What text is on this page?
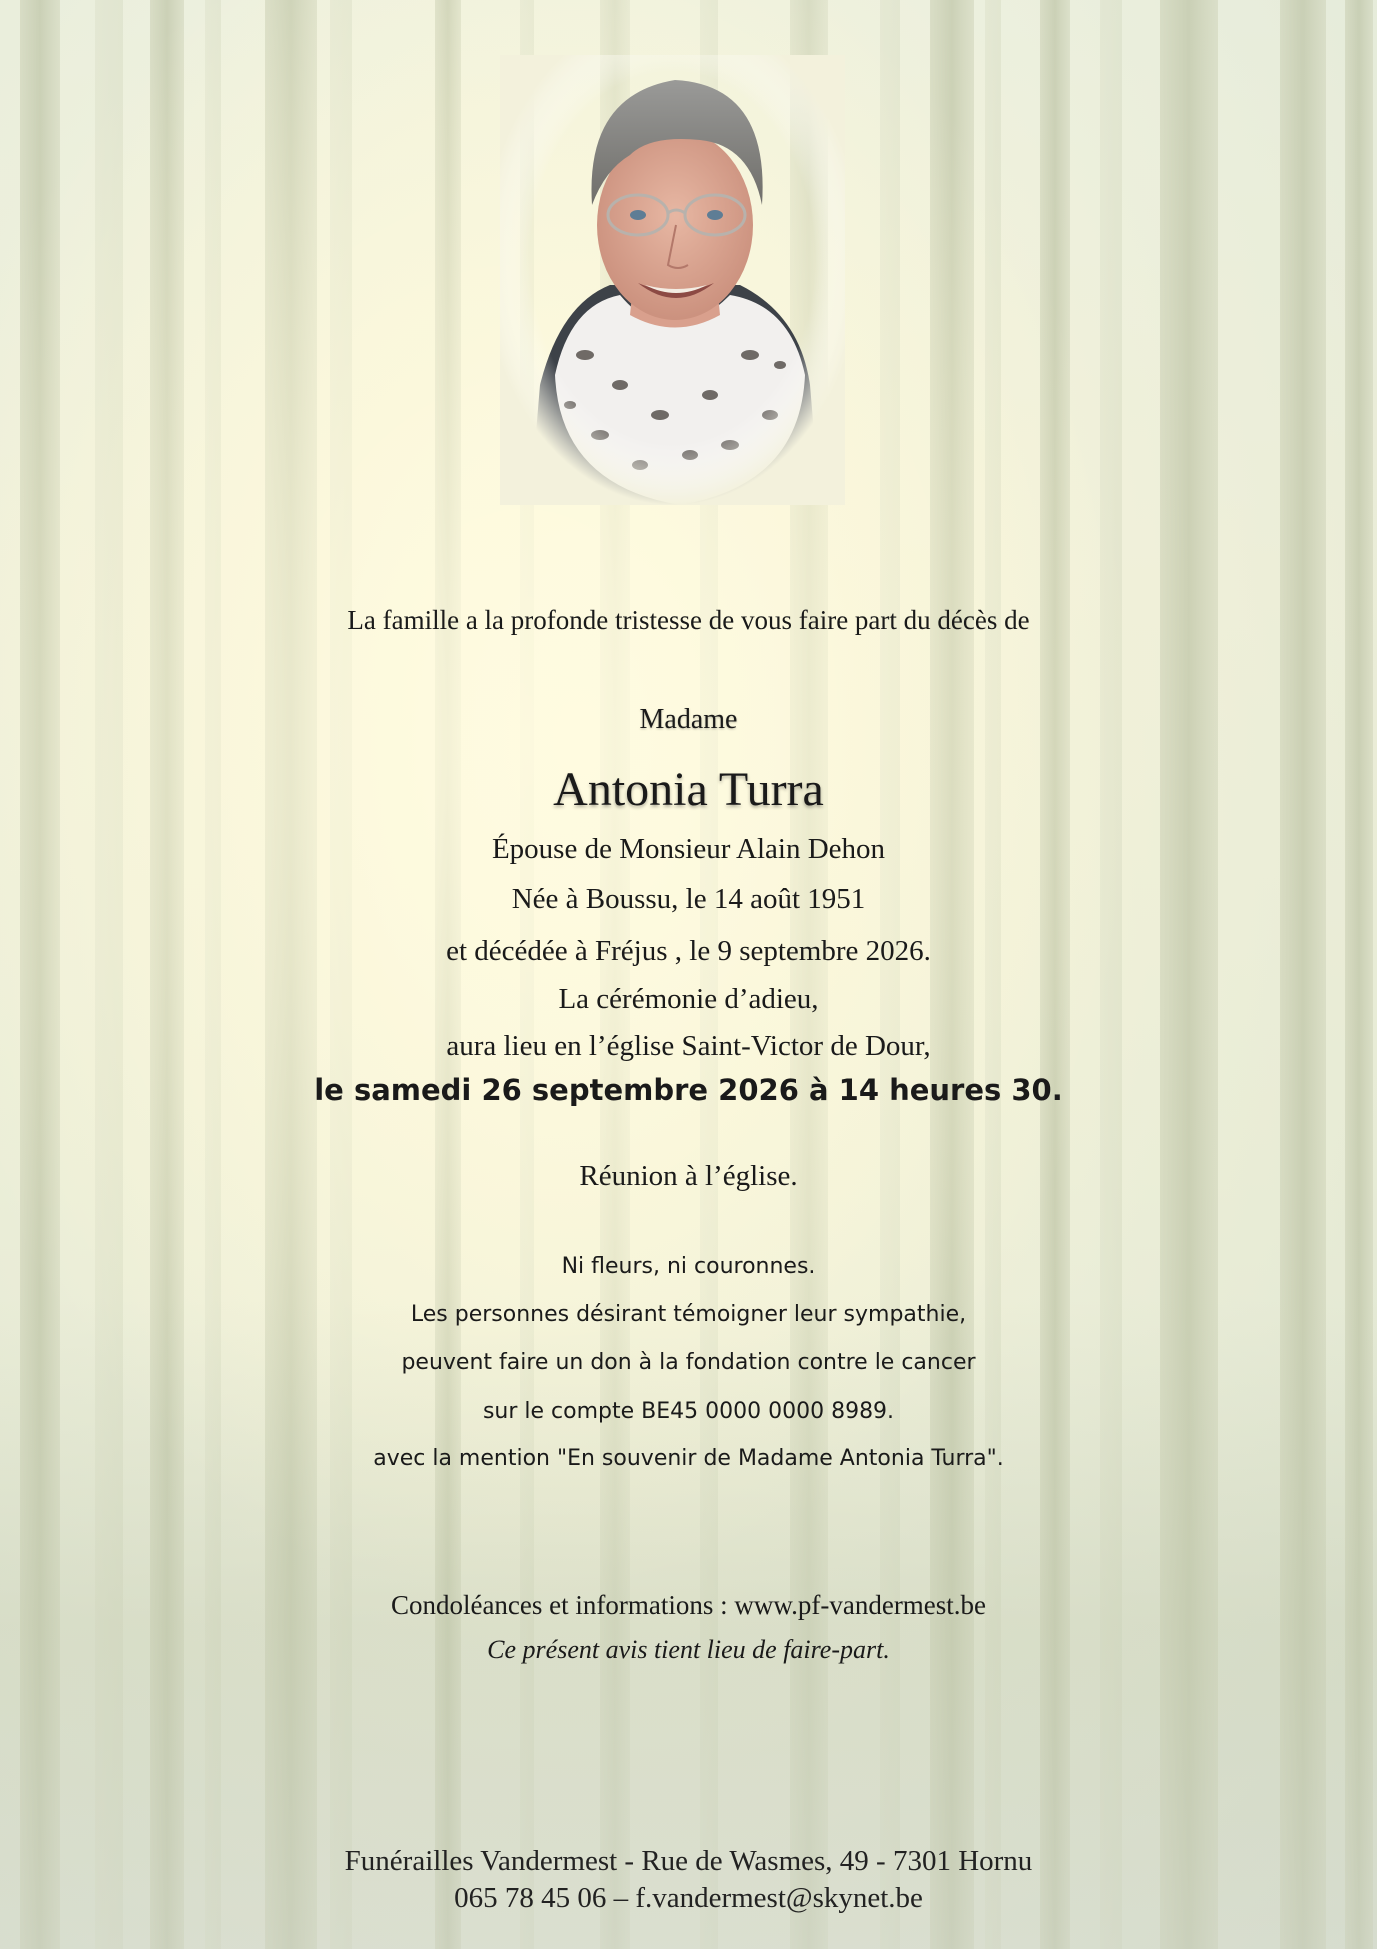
La famille a la profonde tristesse de vous faire part du décès de
Madame
Antonia Turra
Épouse de Monsieur Alain Dehon
Née à Boussu, le 14 août 1951
et décédée à Fréjus , le 9 septembre 2026.
La cérémonie d’adieu,
aura lieu en l’église Saint-Victor de Dour,
le samedi 26 septembre 2026 à 14 heures 30.
Réunion à l’église.
Ni fleurs, ni couronnes.
Les personnes désirant témoigner leur sympathie,
peuvent faire un don à la fondation contre le cancer
sur le compte BE45 0000 0000 8989.
avec la mention "En souvenir de Madame Antonia Turra".
Condoléances et informations : www.pf-vandermest.be
Ce présent avis tient lieu de faire-part.
Funérailles Vandermest - Rue de Wasmes, 49 - 7301 Hornu
065 78 45 06 – f.vandermest@skynet.be
